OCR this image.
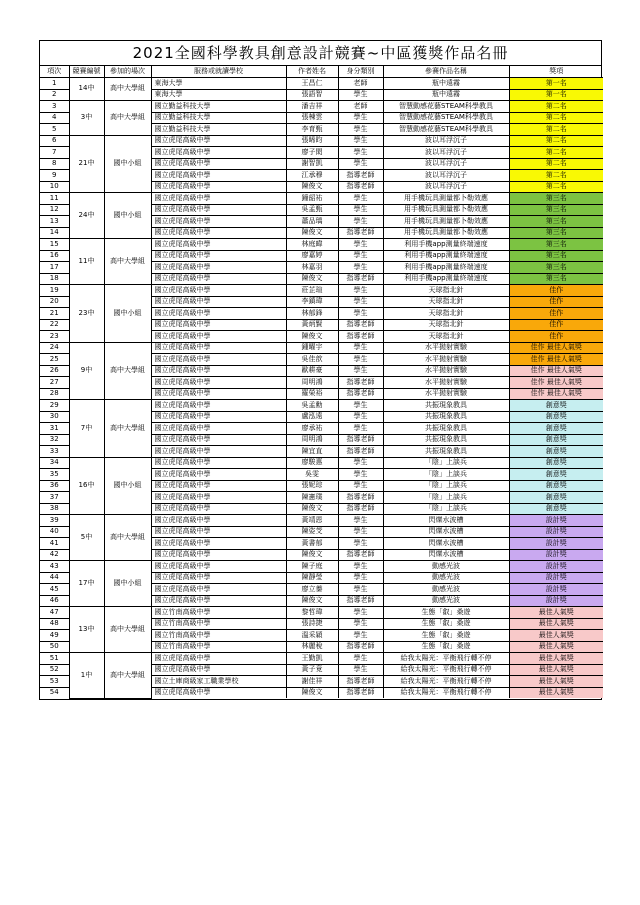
2021全國科學教具創意設計競賽~中區獲獎作品名冊
項次	競賽編號	參加的場次	服務或就讀學校	作者姓名	身分類別	參賽作品名稱	獎項
1	14中	高中大學組	東海大學	王昌仁	老師	瓶中遠霧	第一名
2			東海大學	張語智	學生	瓶中遠霧	第一名
3	3中	高中大學組	國立勤益科技大學	潘吉祥	老師	智慧動感花藝STEAM科學教具	第二名
4			國立勤益科技大學	張棟雲	學生	智慧動感花藝STEAM科學教具	第二名
5			國立勤益科技大學	李育甄	學生	智慧動感花藝STEAM科學教具	第二名
6	21中	國中小組	國立虎尾高級中學	張晞昀	學生	波以耳浮沉子	第二名
7			國立虎尾高級中學	廖子閎	學生	波以耳浮沉子	第二名
8			國立虎尾高級中學	謝智凱	學生	波以耳浮沉子	第二名
9			國立虎尾高級中學	江承穆	指導老師	波以耳浮沉子	第二名
10			國立虎尾高級中學	陳俊文	指導老師	波以耳浮沉子	第二名
11	24中	國中小組	國立虎尾高級中學	鐘韶祐	學生	用手機玩具測量都卜勒效應	第三名
12			國立虎尾高級中學	吳孟甄	學生	用手機玩具測量都卜勒效應	第三名
13			國立虎尾高級中學	蕭品瑀	學生	用手機玩具測量都卜勒效應	第三名
14			國立虎尾高級中學	陳俊文	指導老師	用手機玩具測量都卜勒效應	第三名
15	11中	高中大學組	國立虎尾高級中學	林庭暐	學生	利用手機app測量終端速度	第三名
16			國立虎尾高級中學	廖嘉婷	學生	利用手機app測量終端速度	第三名
17			國立虎尾高級中學	林嘉羽	學生	利用手機app測量終端速度	第三名
18			國立虎尾高級中學	陳俊文	指導老師	利用手機app測量終端速度	第三名
19	23中	國中小組	國立虎尾高級中學	莊芷瑄	學生	天球指北針	佳作
20			國立虎尾高級中學	李鎮瑋	學生	天球指北針	佳作
21			國立虎尾高級中學	林郁鋒	學生	天球指北針	佳作
22			國立虎尾高級中學	黃炳賢	指導老師	天球指北針	佳作
23			國立虎尾高級中學	陳俊文	指導老師	天球指北針	佳作
24	9中	高中大學組	國立虎尾高級中學	鍾曜宇	學生	水平拋射實驗	佳作 最佳人氣獎
25			國立虎尾高級中學	吳佳歆	學生	水平拋射實驗	佳作 最佳人氣獎
26			國立虎尾高級中學	歐耕豪	學生	水平拋射實驗	佳作 最佳人氣獎
27			國立虎尾高級中學	周明鴻	指導老師	水平拋射實驗	佳作 最佳人氣獎
28			國立虎尾高級中學	羅榮裕	指導老師	水平拋射實驗	佳作 最佳人氣獎
29	7中	高中大學組	國立虎尾高級中學	吳孟勳	學生	共振現象教具	創意獎
30			國立虎尾高級中學	盧泓遠	學生	共振現象教具	創意獎
31			國立虎尾高級中學	廖承祐	學生	共振現象教具	創意獎
32			國立虎尾高級中學	周明鴻	指導老師	共振現象教具	創意獎
33			國立虎尾高級中學	陳宜直	指導老師	共振現象教具	創意獎
34	16中	國中小組	國立虎尾高級中學	廖駿惠	學生	「陰」上談兵	創意獎
35			國立虎尾高級中學	吳雯	學生	「陰」上談兵	創意獎
36			國立虎尾高級中學	張妮琮	學生	「陰」上談兵	創意獎
37			國立虎尾高級中學	陳憲璞	指導老師	「陰」上談兵	創意獎
38			國立虎尾高級中學	陳俊文	指導老師	「陰」上談兵	創意獎
39	5中	高中大學組	國立虎尾高級中學	黃靖恩	學生	閃爍水波槽	設計獎
40			國立虎尾高級中學	陳姿芠	學生	閃爍水波槽	設計獎
41			國立虎尾高級中學	黃書郁	學生	閃爍水波槽	設計獎
42			國立虎尾高級中學	陳俊文	指導老師	閃爍水波槽	設計獎
43	17中	國中小組	國立虎尾高級中學	陳子庭	學生	動感光波	設計獎
44			國立虎尾高級中學	陳靜瑩	學生	動感光波	設計獎
45			國立虎尾高級中學	廖立蓁	學生	動感光波	設計獎
46			國立虎尾高級中學	陳俊文	指導老師	動感光波	設計獎
47	13中	高中大學組	國立竹南高級中學	黎哲瑋	學生	生態「叡」桑遊	最佳人氣獎
48			國立竹南高級中學	張詩捷	學生	生態「叡」桑遊	最佳人氣獎
49			國立竹南高級中學	溫采穎	學生	生態「叡」桑遊	最佳人氣獎
50			國立竹南高級中學	林麗稅	指導老師	生態「叡」桑遊	最佳人氣獎
51	1中	高中大學組	國立虎尾高級中學	王勤凱	學生	給我太陽光：平衡飛行轉不停	最佳人氣獎
52			國立虎尾高級中學	黃子竟	學生	給我太陽光：平衡飛行轉不停	最佳人氣獎
53			國立土庫商級家工職業學校	謝佳祥	指導老師	給我太陽光：平衡飛行轉不停	最佳人氣獎
54			國立虎尾高級中學	陳俊文	指導老師	給我太陽光：平衡飛行轉不停	最佳人氣獎
